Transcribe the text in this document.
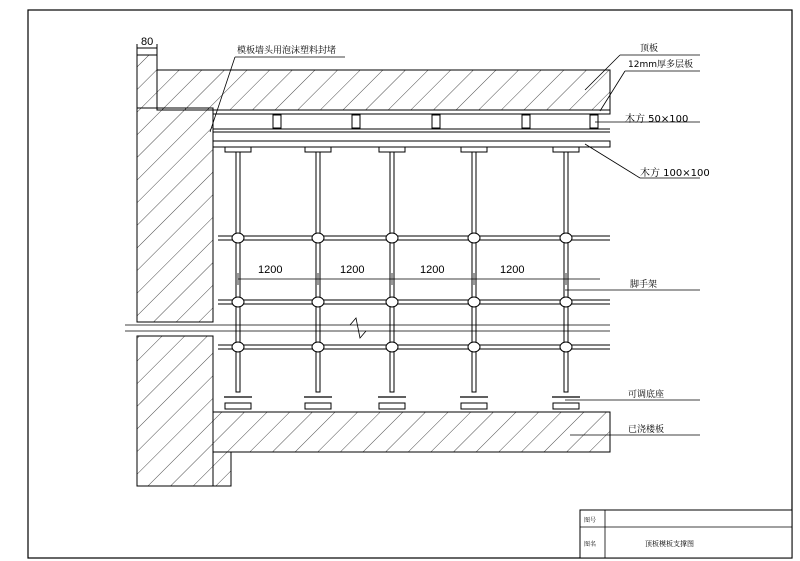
80
1200	1200	1200	1200
模板墙头用泡沫塑料封堵	顶板
12mm厚多层板
木方 50×100
木方 100×100
脚手架
可调底座
已浇楼板
图号
图名	顶板模板支撑图
